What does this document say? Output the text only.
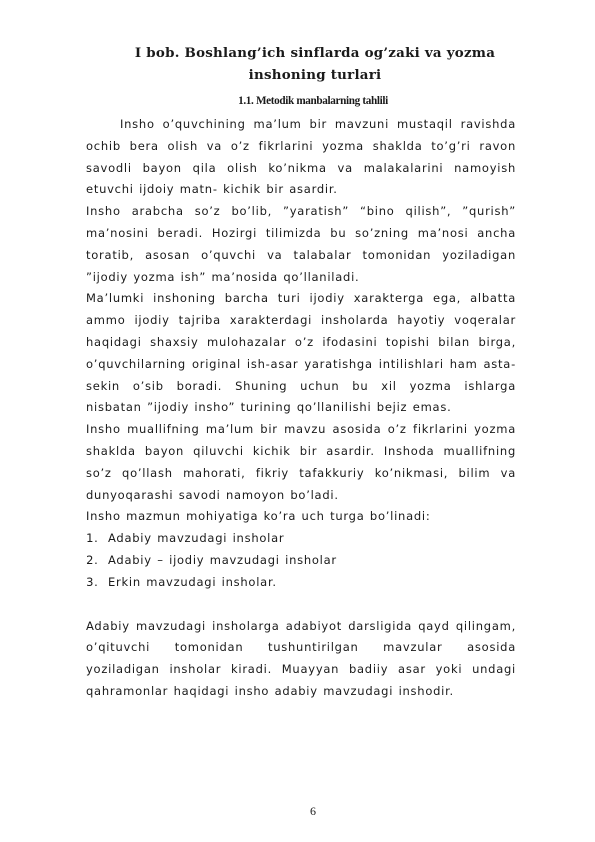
I bob. Boshlang’ich sinflarda og’zaki va yozma inshoning turlari
1.1. Metodik manbalarning tahlili

Insho o’quvchining ma’lum bir mavzuni mustaqil ravishda ochib bera olish va o’z fikrlarini yozma shaklda to’g’ri ravon savodli bayon qila olish ko’nikma va malakalarini namoyish etuvchi ijdoiy matn- kichik bir asardir.

Insho arabcha so’z bo’lib, ”yaratish” “bino qilish”, ”qurish” ma’nosini beradi. Hozirgi tilimizda bu so’zning ma’nosi ancha toratib, asosan o’quvchi va talabalar tomonidan yoziladigan ”ijodiy yozma ish” ma’nosida qo’llaniladi.

Ma’lumki inshoning barcha turi ijodiy xarakterga ega, albatta ammo ijodiy tajriba xarakterdagi insholarda hayotiy voqeralar haqidagi shaxsiy mulohazalar o’z ifodasini topishi bilan birga, o’quvchilarning original ish-asar yaratishga intilishlari ham asta-sekin o’sib boradi. Shuning uchun bu xil yozma ishlarga nisbatan ”ijodiy insho” turining qo’llanilishi bejiz emas.

Insho muallifning ma’lum bir mavzu asosida o’z fikrlarini yozma shaklda bayon qiluvchi kichik bir asardir. Inshoda muallifning so’z qo’llash mahorati, fikriy tafakkuriy ko’nikmasi, bilim va dunyoqarashi savodi namoyon bo’ladi.

Insho mazmun mohiyatiga ko’ra uch turga bo’linadi:

1. Adabiy mavzudagi insholar
2. Adabiy – ijodiy mavzudagi insholar
3. Erkin mavzudagi insholar.

Adabiy mavzudagi insholarga adabiyot darsligida qayd qilingam, o’qituvchi tomonidan tushuntirilgan mavzular asosida yoziladigan insholar kiradi. Muayyan badiiy asar yoki undagi qahramonlar haqidagi insho adabiy mavzudagi inshodir.

6
